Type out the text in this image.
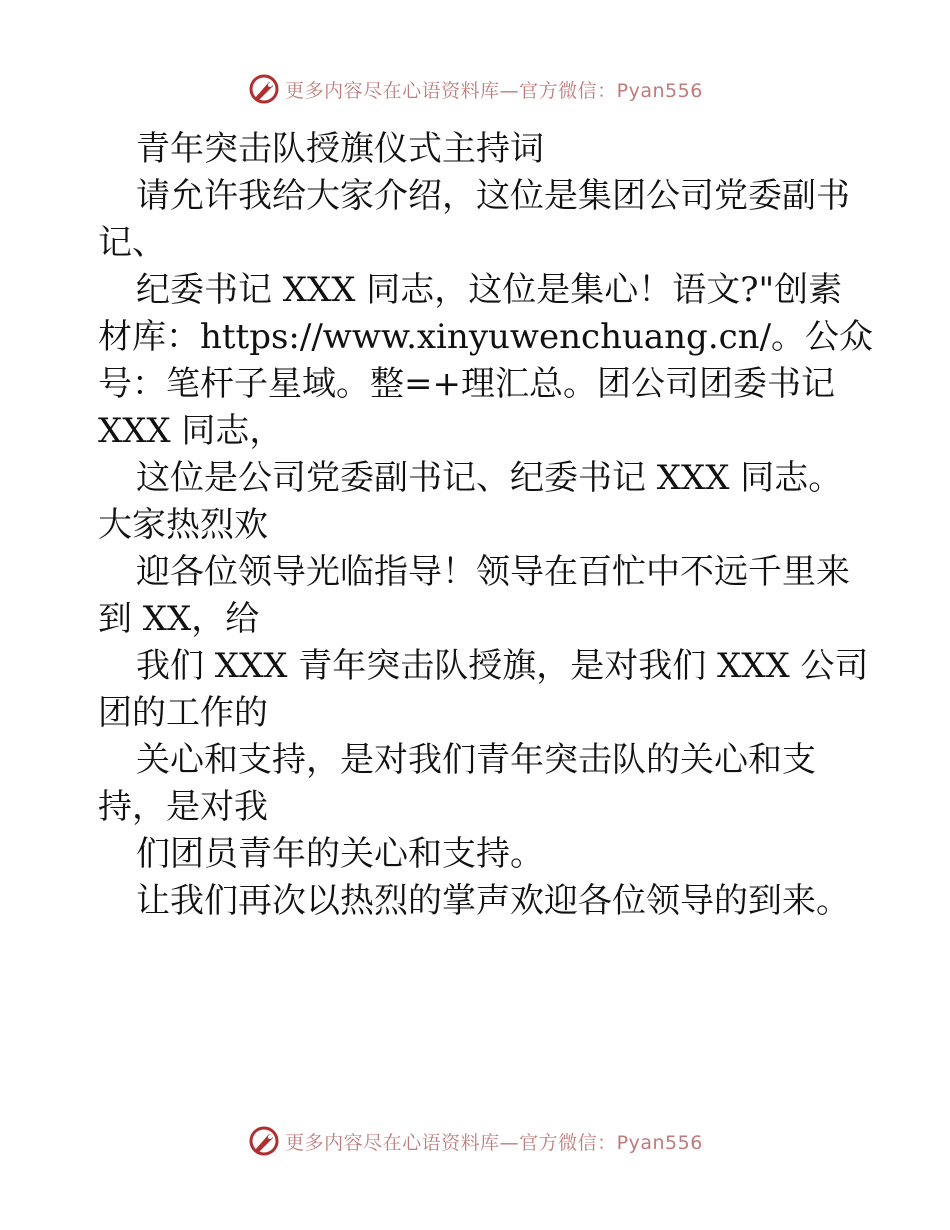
更多内容尽在心语资料库—官方微信：Pyan556
青年突击队授旗仪式主持词
请允许我给大家介绍，这位是集团公司党委副书
记、
纪委书记 XXX 同志，这位是集心！语文?"创素
材库：https://www.xinyuwenchuang.cn/。公众
号：笔杆子星域。整=+理汇总。团公司团委书记
XXX 同志，
这位是公司党委副书记、纪委书记 XXX 同志。
大家热烈欢
迎各位领导光临指导！领导在百忙中不远千里来
到 XX，给
我们 XXX 青年突击队授旗，是对我们 XXX 公司
团的工作的
关心和支持，是对我们青年突击队的关心和支
持，是对我
们团员青年的关心和支持。
让我们再次以热烈的掌声欢迎各位领导的到来。
更多内容尽在心语资料库—官方微信：Pyan556
